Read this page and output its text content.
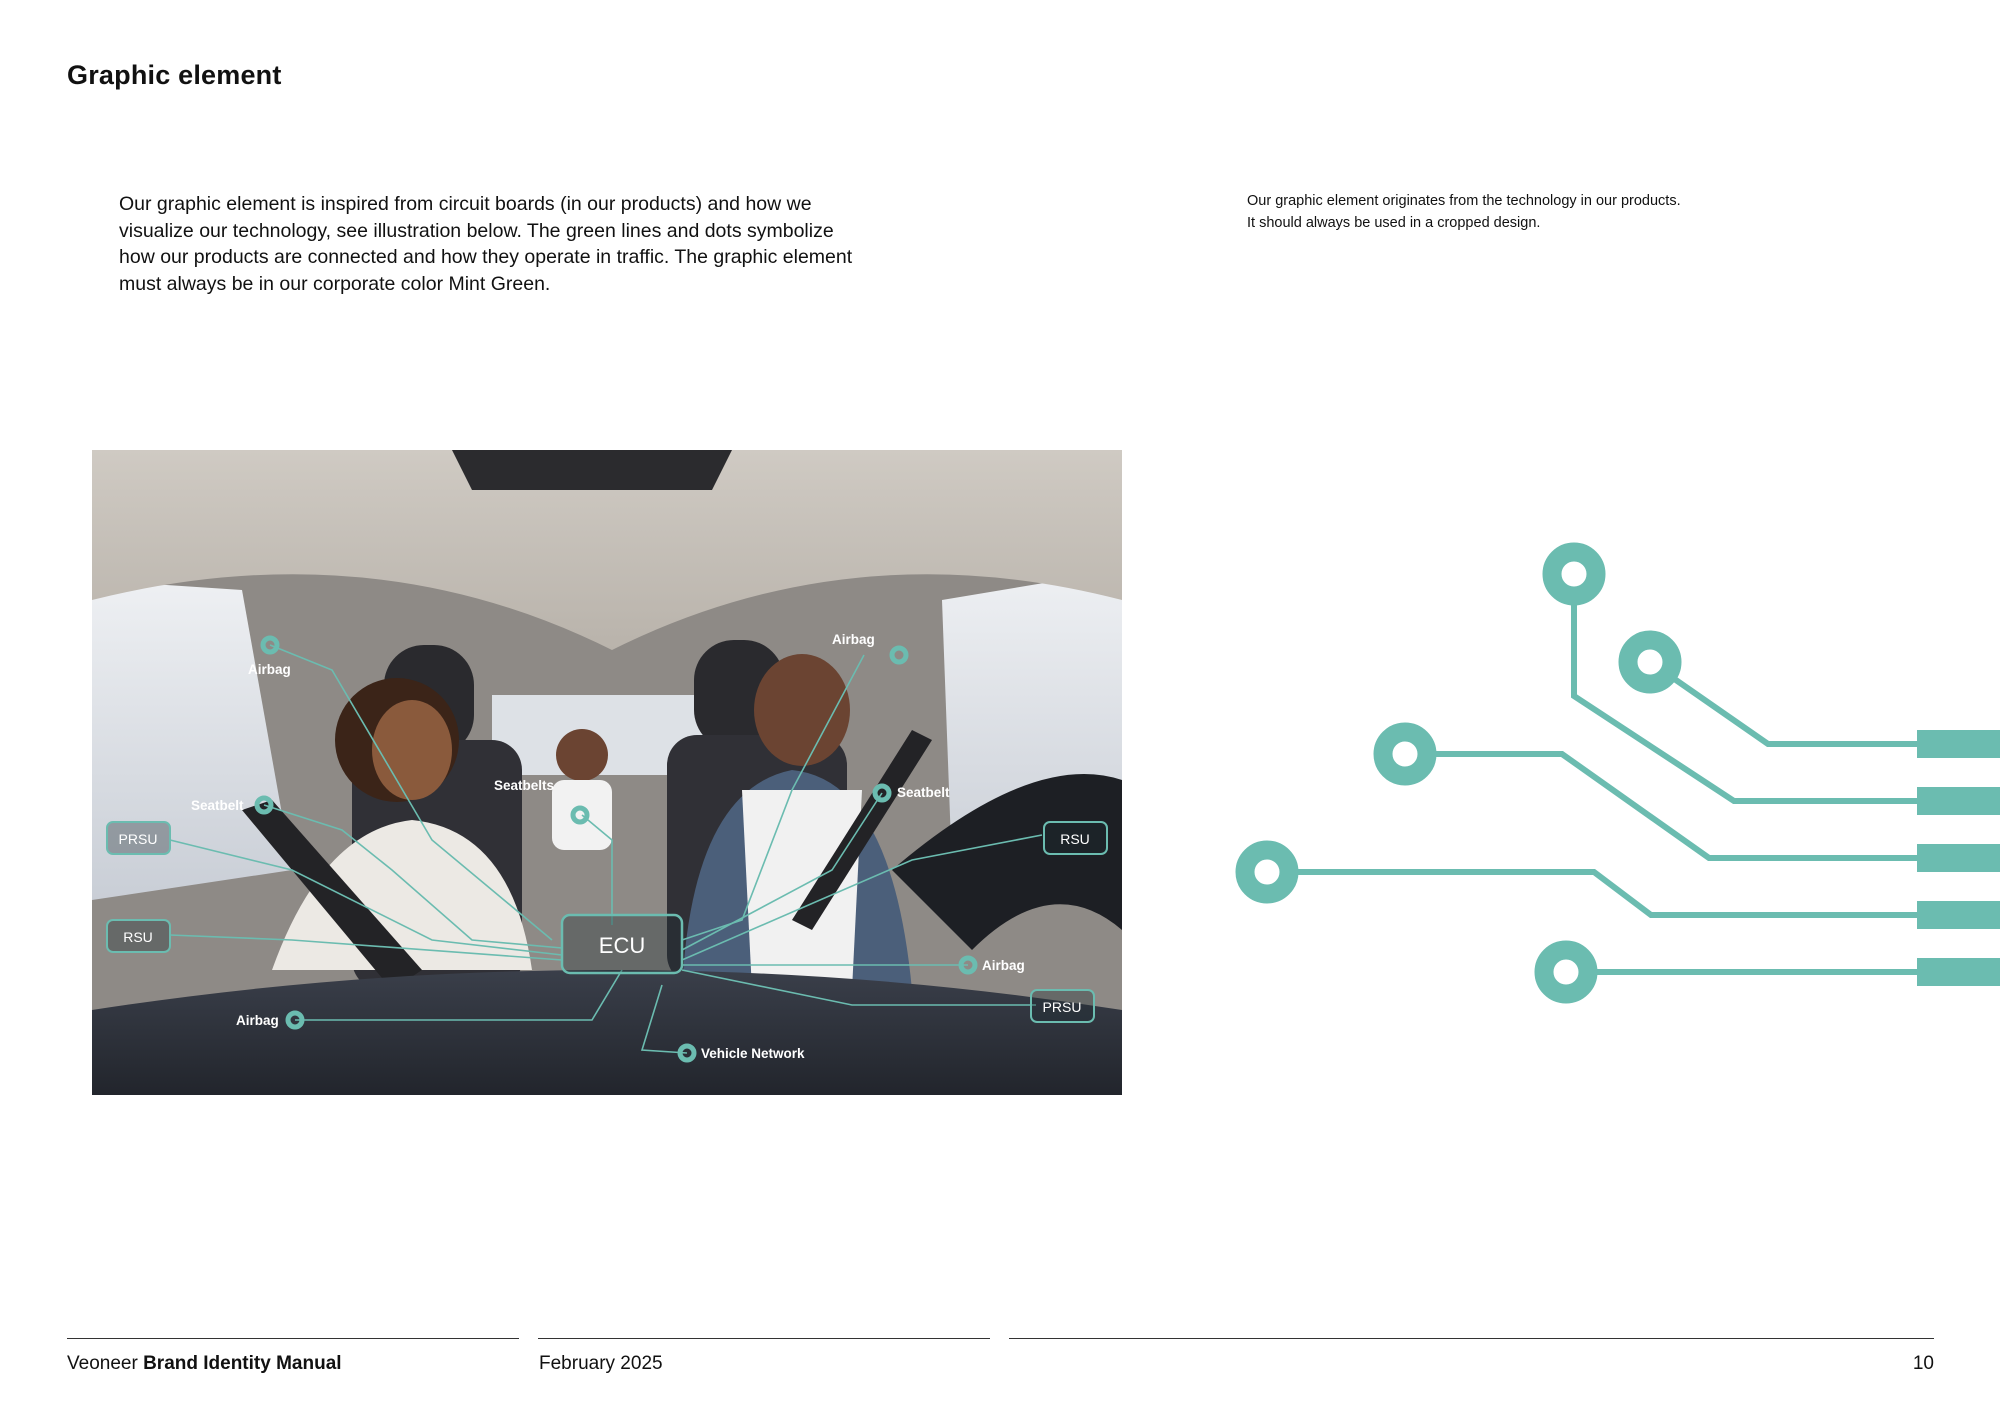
Graphic element

Our graphic element is inspired from circuit boards (in our products) and how we visualize our technology, see illustration below. The green lines and dots symbolize how our products are connected and how they operate in traffic. The graphic element must always be in our corporate color Mint Green.

Our graphic element originates from the technology in our products.
It should always be used in a cropped design.
ECU
PRSU
RSU
RSU
PRSU
Airbag
Airbag
Seatbelt
Seatbelts	Seatbelt
Airbag
Airbag
Vehicle Network
Veoneer Brand Identity Manual	February 2025	10
